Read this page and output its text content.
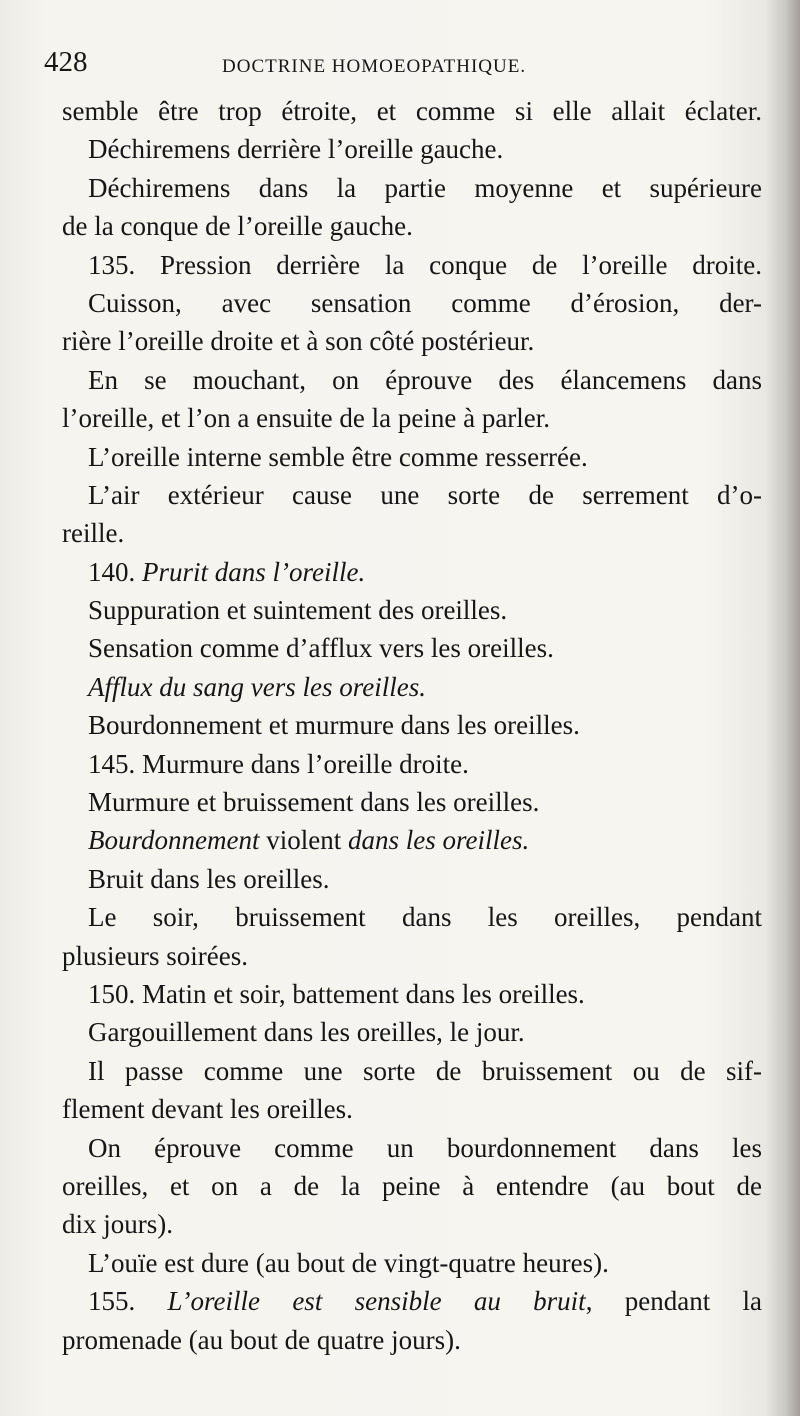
428	DOCTRINE HOMOEOPATHIQUE.
semble être trop étroite, et comme si elle allait éclater.
Déchiremens derrière l’oreille gauche.
Déchiremens dans la partie moyenne et supérieure
de la conque de l’oreille gauche.
135. Pression derrière la conque de l’oreille droite.
Cuisson, avec sensation comme d’érosion, der-
rière l’oreille droite et à son côté postérieur.
En se mouchant, on éprouve des élancemens dans
l’oreille, et l’on a ensuite de la peine à parler.
L’oreille interne semble être comme resserrée.
L’air extérieur cause une sorte de serrement d’o-
reille.
140. Prurit dans l’oreille.
Suppuration et suintement des oreilles.
Sensation comme d’afflux vers les oreilles.
Afflux du sang vers les oreilles.
Bourdonnement et murmure dans les oreilles.
145. Murmure dans l’oreille droite.
Murmure et bruissement dans les oreilles.
Bourdonnement violent dans les oreilles.
Bruit dans les oreilles.
Le soir, bruissement dans les oreilles, pendant
plusieurs soirées.
150. Matin et soir, battement dans les oreilles.
Gargouillement dans les oreilles, le jour.
Il passe comme une sorte de bruissement ou de sif-
flement devant les oreilles.
On éprouve comme un bourdonnement dans les
oreilles, et on a de la peine à entendre (au bout de
dix jours).
L’ouïe est dure (au bout de vingt-quatre heures).
155. L’oreille est sensible au bruit, pendant la
promenade (au bout de quatre jours).
